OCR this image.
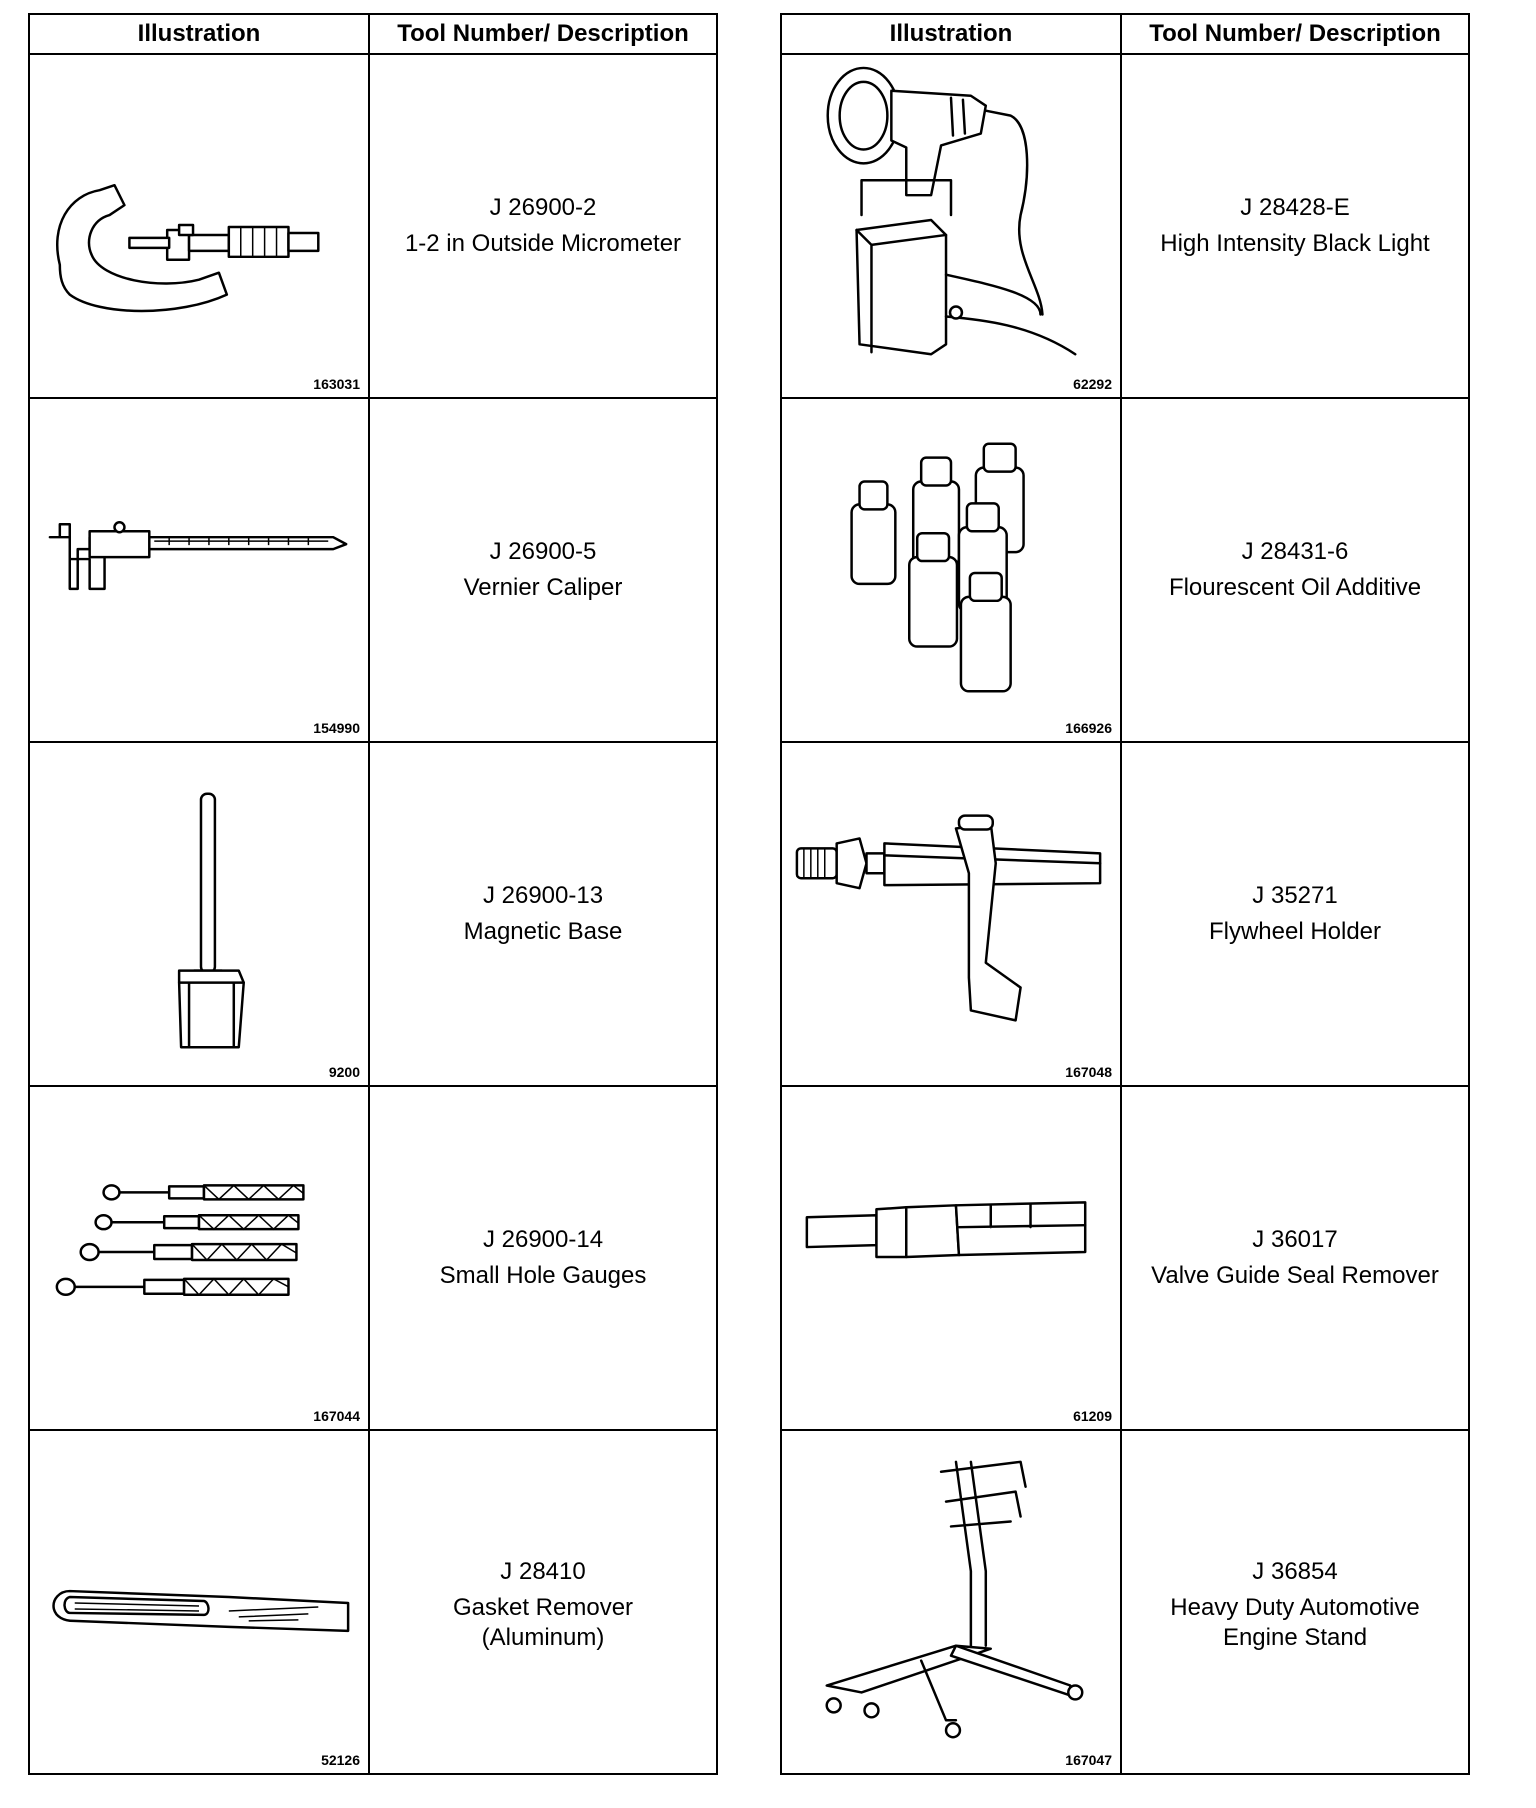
Illustration	Tool Number/ Description

163031	J 26900-2
1-2 in Outside Micrometer

154990	J 26900-5
Vernier Caliper

9200	J 26900-13
Magnetic Base

167044	J 26900-14
Small Hole Gauges

52126	J 28410
Gasket Remover
(Aluminum)
Illustration	Tool Number/ Description

62292	J 28428-E
High Intensity Black Light

166926	J 28431-6
Flourescent Oil Additive

167048	J 35271
Flywheel Holder

61209	J 36017
Valve Guide Seal Remover

167047	J 36854
Heavy Duty Automotive
Engine Stand
